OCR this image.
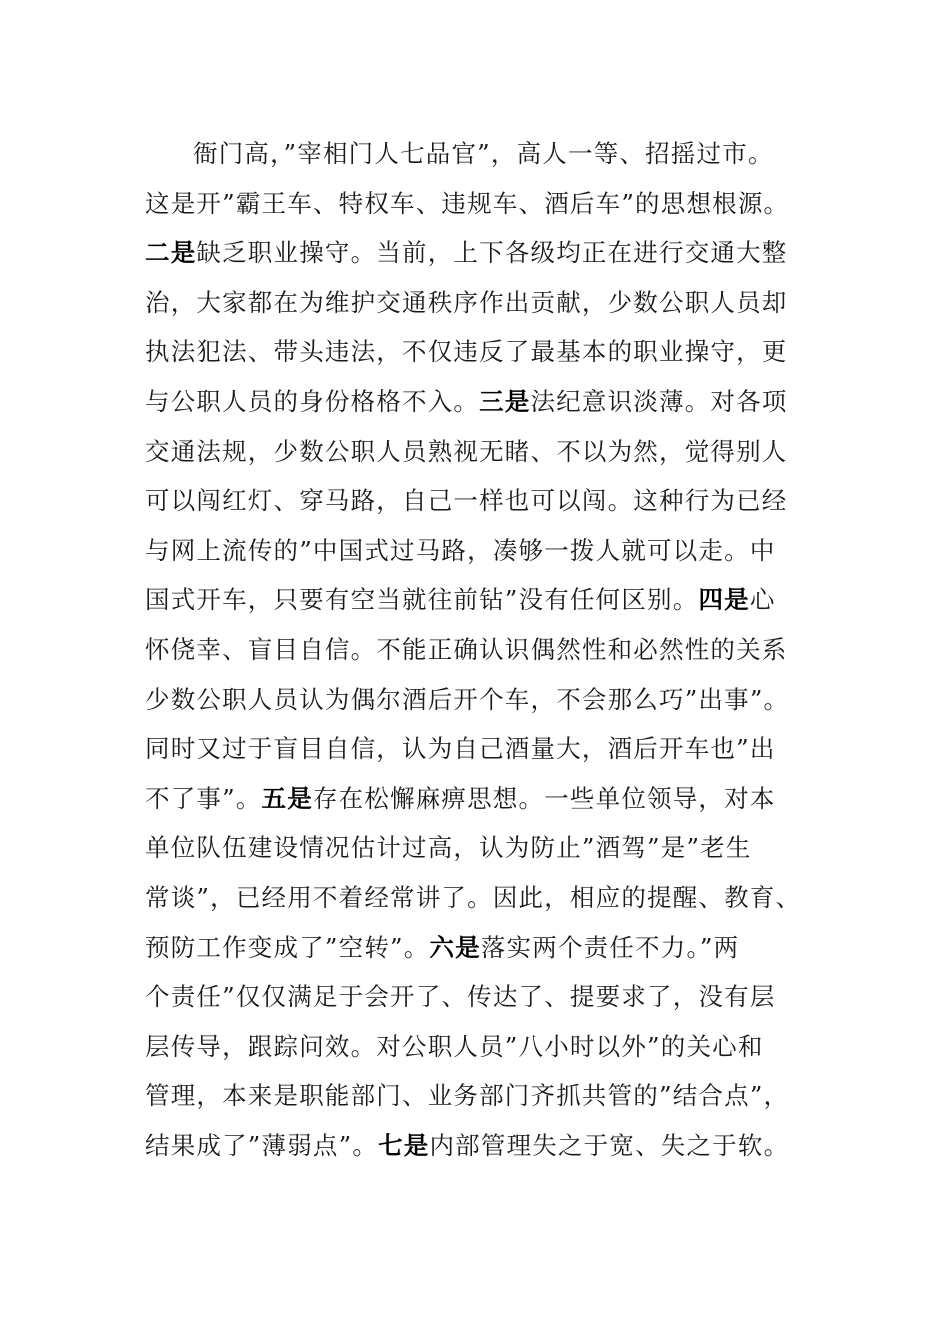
衙门高，”宰相门人七品官”，高人一等、招摇过市。
这是开”霸王车、特权车、违规车、酒后车”的思想根源。
二是缺乏职业操守。当前，上下各级均正在进行交通大整
治，大家都在为维护交通秩序作出贡献，少数公职人员却
执法犯法、带头违法，不仅违反了最基本的职业操守，更
与公职人员的身份格格不入。三是法纪意识淡薄。对各项
交通法规，少数公职人员熟视无睹、不以为然，觉得别人
可以闯红灯、穿马路，自己一样也可以闯。这种行为已经
与网上流传的”中国式过马路，凑够一拨人就可以走。中
国式开车，只要有空当就往前钻”没有任何区别。四是心
怀侥幸、盲目自信。不能正确认识偶然性和必然性的关系
少数公职人员认为偶尔酒后开个车，不会那么巧”出事”。
同时又过于盲目自信，认为自己酒量大，酒后开车也”出
不了事”。五是存在松懈麻痹思想。一些单位领导，对本
单位队伍建设情况估计过高，认为防止”酒驾”是”老生
常谈”，已经用不着经常讲了。因此，相应的提醒、教育、
预防工作变成了”空转”。六是落实两个责任不力。”两
个责任”仅仅满足于会开了、传达了、提要求了，没有层
层传导，跟踪问效。对公职人员”八小时以外”的关心和
管理，本来是职能部门、业务部门齐抓共管的”结合点”，
结果成了”薄弱点”。七是内部管理失之于宽、失之于软。
